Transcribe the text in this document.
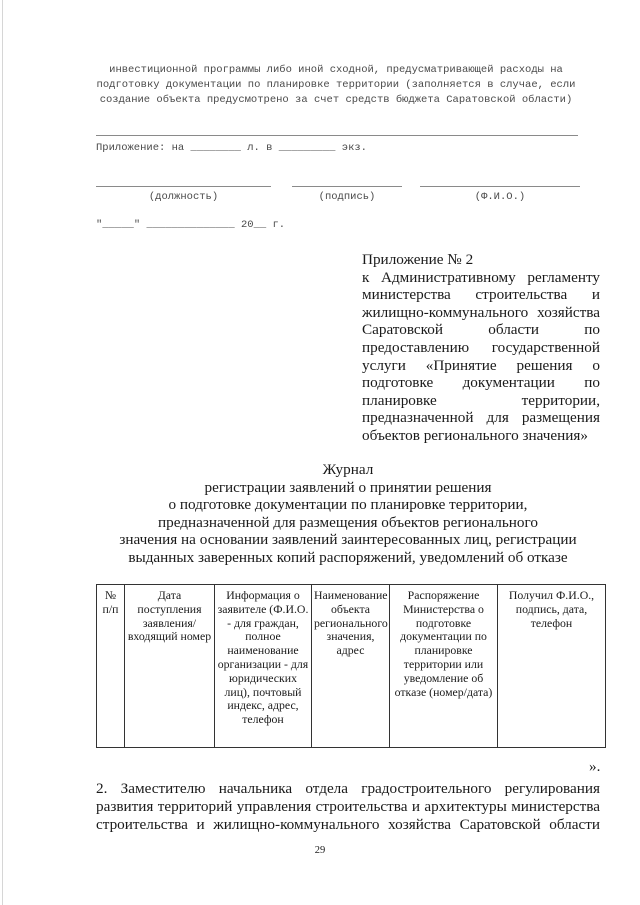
инвестиционной программы либо иной сходной, предусматривающей расходы на подготовку документации по планировке территории (заполняется в случае, если создание объекта предусмотрено за счет средств бюджета Саратовской области)
Приложение: на ________ л. в _________ экз.
(должность)	(подпись)	(Ф.И.О.)
"_____" ______________ 20__ г.
Приложение № 2
к Административному регламенту министерства строительства и жилищно-коммунального хозяйства Саратовской области по предоставлению государственной услуги «Принятие решения о подготовке документации по планировке территории, предназначенной для размещения объектов регионального значения»
Журнал
регистрации заявлений о принятии решения
о подготовке документации по планировке территории,
предназначенной для размещения объектов регионального
значения на основании заявлений заинтересованных лиц, регистрации
выданных заверенных копий распоряжений, уведомлений об отказе
№ п/п	Дата поступления заявления/входящий номер	Информация о заявителе (Ф.И.О. - для граждан, полное наименование организации - для юридических лиц), почтовый индекс, адрес, телефон	Наименование объекта регионального значения, адрес	Распоряжение Министерства о подготовке документации по планировке территории или уведомление об отказе (номер/дата)	Получил Ф.И.О., подпись, дата, телефон
».
2. Заместителю начальника отдела градостроительного регулирования развития территорий управления строительства и архитектуры министерства строительства и жилищно-коммунального хозяйства Саратовской области
29
